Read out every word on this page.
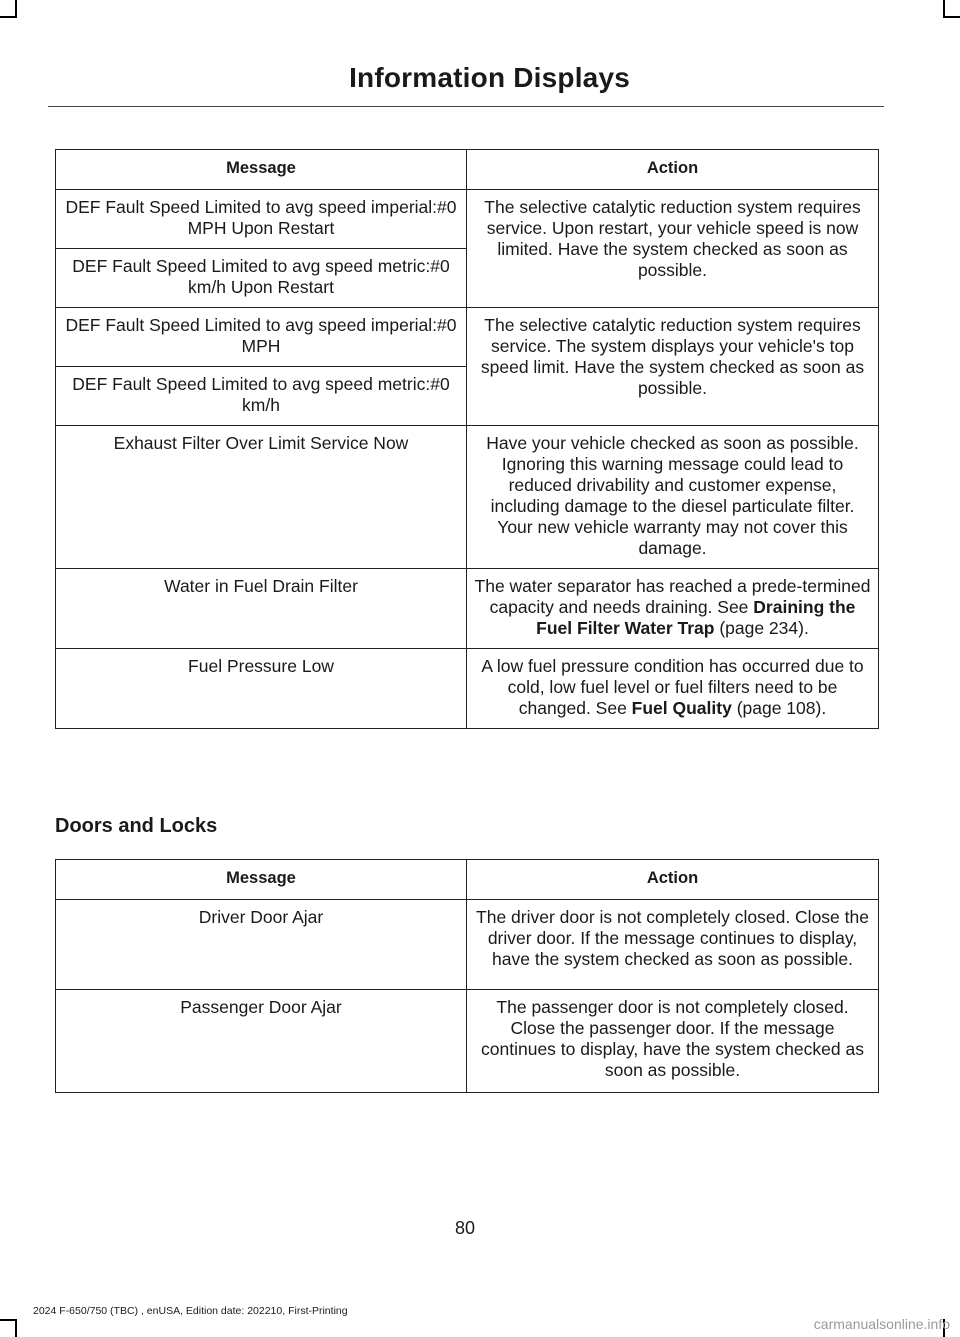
Information Displays
Message	Action
DEF Fault Speed Limited to avg speed imperial:#0 MPH Upon Restart	The selective catalytic reduction system requires service. Upon restart, your vehicle speed is now limited. Have the system checked as soon as possible.
DEF Fault Speed Limited to avg speed metric:#0 km/h Upon Restart	
DEF Fault Speed Limited to avg speed imperial:#0 MPH	The selective catalytic reduction system requires service. The system displays your vehicle's top speed limit. Have the system checked as soon as possible.
DEF Fault Speed Limited to avg speed metric:#0 km/h	
Exhaust Filter Over Limit Service Now	Have your vehicle checked as soon as possible. Ignoring this warning message could lead to reduced drivability and customer expense, including damage to the diesel particulate filter. Your new vehicle warranty may not cover this damage.
Water in Fuel Drain Filter	The water separator has reached a prede-termined capacity and needs draining. See Draining the Fuel Filter Water Trap (page 234).
Fuel Pressure Low	A low fuel pressure condition has occurred due to cold, low fuel level or fuel filters need to be changed. See Fuel Quality (page 108).
Doors and Locks
Message	Action
Driver Door Ajar	The driver door is not completely closed. Close the driver door. If the message continues to display, have the system checked as soon as possible.
Passenger Door Ajar	The passenger door is not completely closed. Close the passenger door. If the message continues to display, have the system checked as soon as possible.
80
2024 F-650/750 (TBC) , enUSA, Edition date: 202210, First-Printing
carmanualsonline.info
